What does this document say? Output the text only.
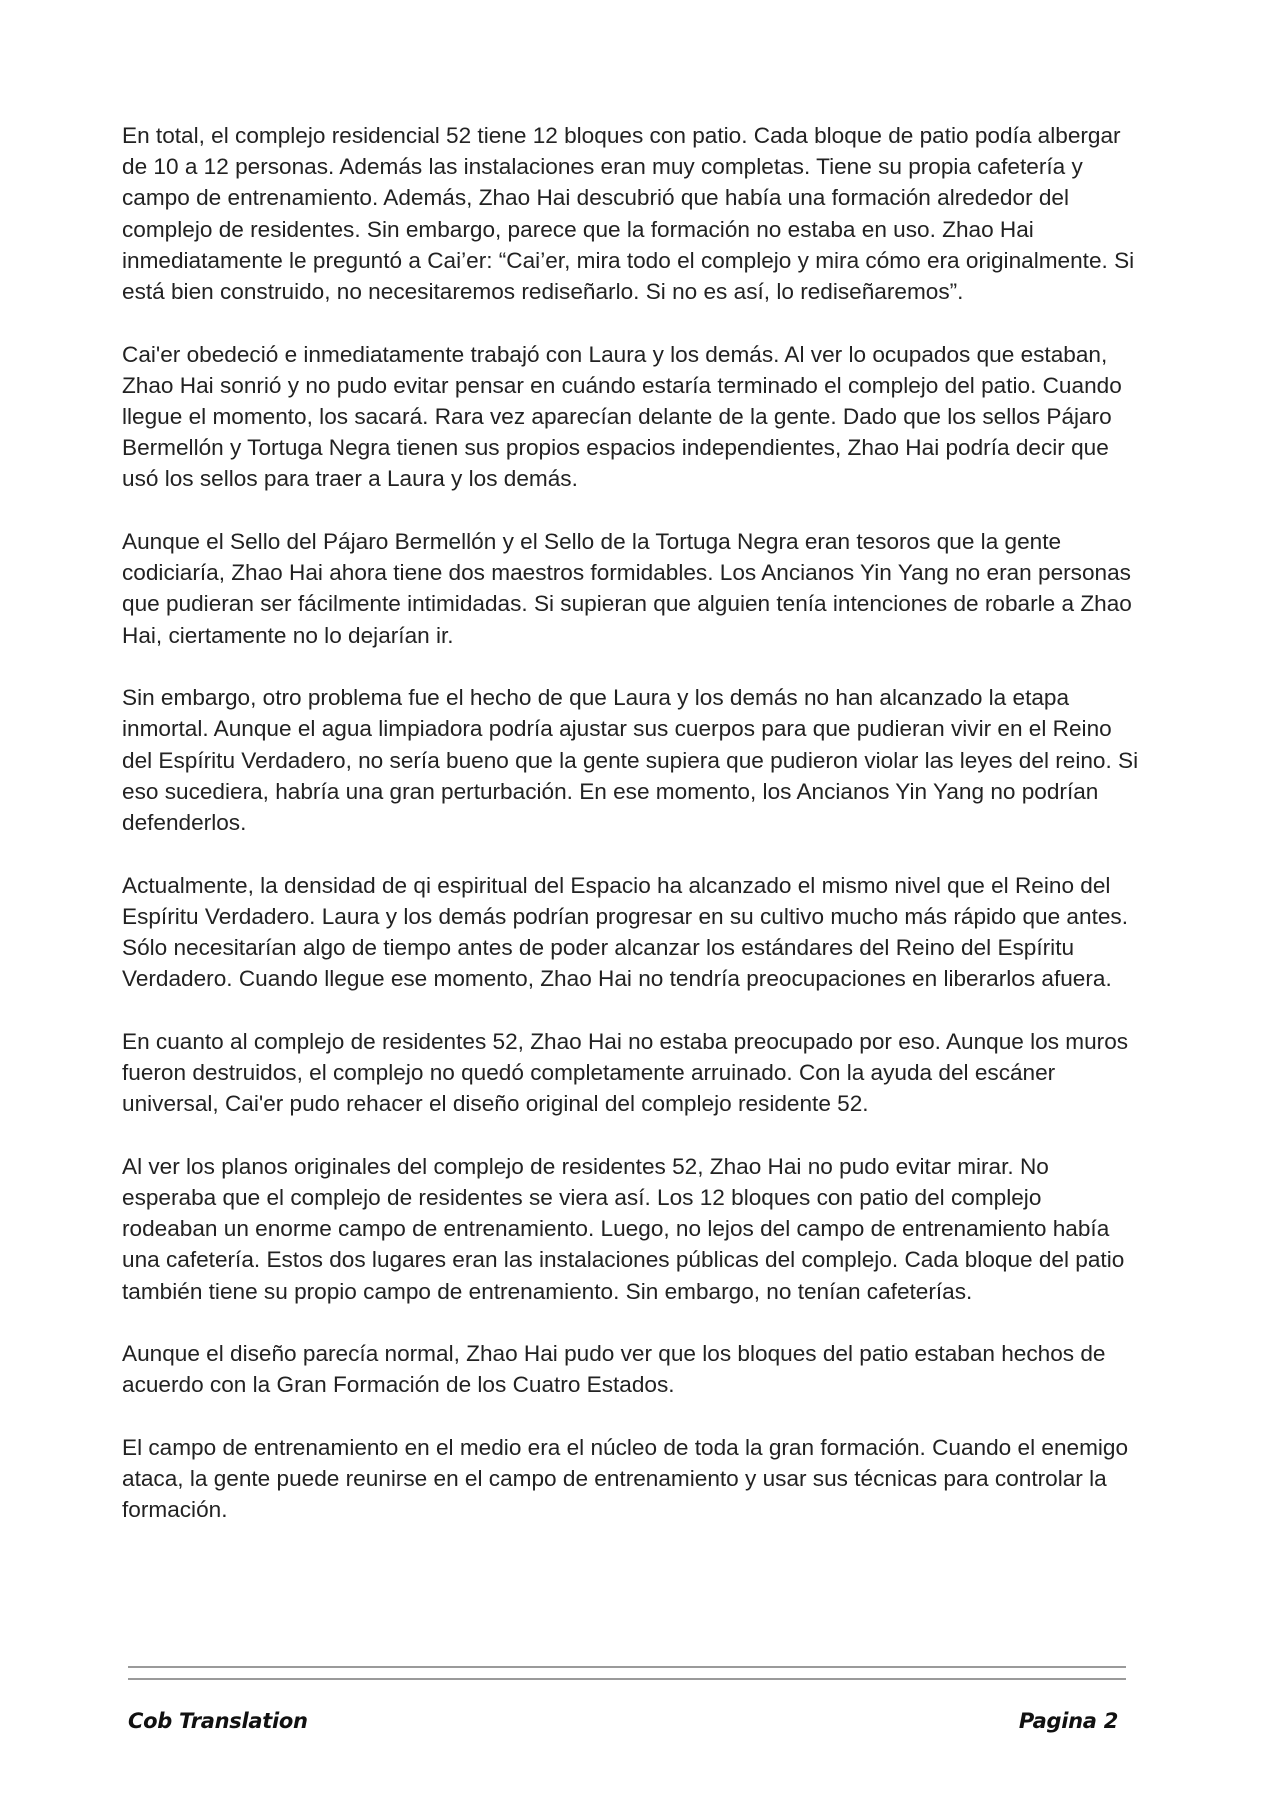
En total, el complejo residencial 52 tiene 12 bloques con patio. Cada bloque de patio podía albergar de 10 a 12 personas. Además las instalaciones eran muy completas. Tiene su propia cafetería y campo de entrenamiento. Además, Zhao Hai descubrió que había una formación alrededor del complejo de residentes. Sin embargo, parece que la formación no estaba en uso. Zhao Hai inmediatamente le preguntó a Cai’er: “Cai’er, mira todo el complejo y mira cómo era originalmente. Si está bien construido, no necesitaremos rediseñarlo. Si no es así, lo rediseñaremos”.

Cai'er obedeció e inmediatamente trabajó con Laura y los demás. Al ver lo ocupados que estaban, Zhao Hai sonrió y no pudo evitar pensar en cuándo estaría terminado el complejo del patio. Cuando llegue el momento, los sacará. Rara vez aparecían delante de la gente. Dado que los sellos Pájaro Bermellón y Tortuga Negra tienen sus propios espacios independientes, Zhao Hai podría decir que usó los sellos para traer a Laura y los demás.

Aunque el Sello del Pájaro Bermellón y el Sello de la Tortuga Negra eran tesoros que la gente codiciaría, Zhao Hai ahora tiene dos maestros formidables. Los Ancianos Yin Yang no eran personas que pudieran ser fácilmente intimidadas. Si supieran que alguien tenía intenciones de robarle a Zhao Hai, ciertamente no lo dejarían ir.

Sin embargo, otro problema fue el hecho de que Laura y los demás no han alcanzado la etapa inmortal. Aunque el agua limpiadora podría ajustar sus cuerpos para que pudieran vivir en el Reino del Espíritu Verdadero, no sería bueno que la gente supiera que pudieron violar las leyes del reino. Si eso sucediera, habría una gran perturbación. En ese momento, los Ancianos Yin Yang no podrían defenderlos.

Actualmente, la densidad de qi espiritual del Espacio ha alcanzado el mismo nivel que el Reino del Espíritu Verdadero. Laura y los demás podrían progresar en su cultivo mucho más rápido que antes. Sólo necesitarían algo de tiempo antes de poder alcanzar los estándares del Reino del Espíritu Verdadero. Cuando llegue ese momento, Zhao Hai no tendría preocupaciones en liberarlos afuera.

En cuanto al complejo de residentes 52, Zhao Hai no estaba preocupado por eso. Aunque los muros fueron destruidos, el complejo no quedó completamente arruinado. Con la ayuda del escáner universal, Cai'er pudo rehacer el diseño original del complejo residente 52.

Al ver los planos originales del complejo de residentes 52, Zhao Hai no pudo evitar mirar. No esperaba que el complejo de residentes se viera así. Los 12 bloques con patio del complejo rodeaban un enorme campo de entrenamiento. Luego, no lejos del campo de entrenamiento había una cafetería. Estos dos lugares eran las instalaciones públicas del complejo. Cada bloque del patio también tiene su propio campo de entrenamiento. Sin embargo, no tenían cafeterías.

Aunque el diseño parecía normal, Zhao Hai pudo ver que los bloques del patio estaban hechos de acuerdo con la Gran Formación de los Cuatro Estados.

El campo de entrenamiento en el medio era el núcleo de toda la gran formación. Cuando el enemigo ataca, la gente puede reunirse en el campo de entrenamiento y usar sus técnicas para controlar la formación.

Cob Translation	Pagina 2
